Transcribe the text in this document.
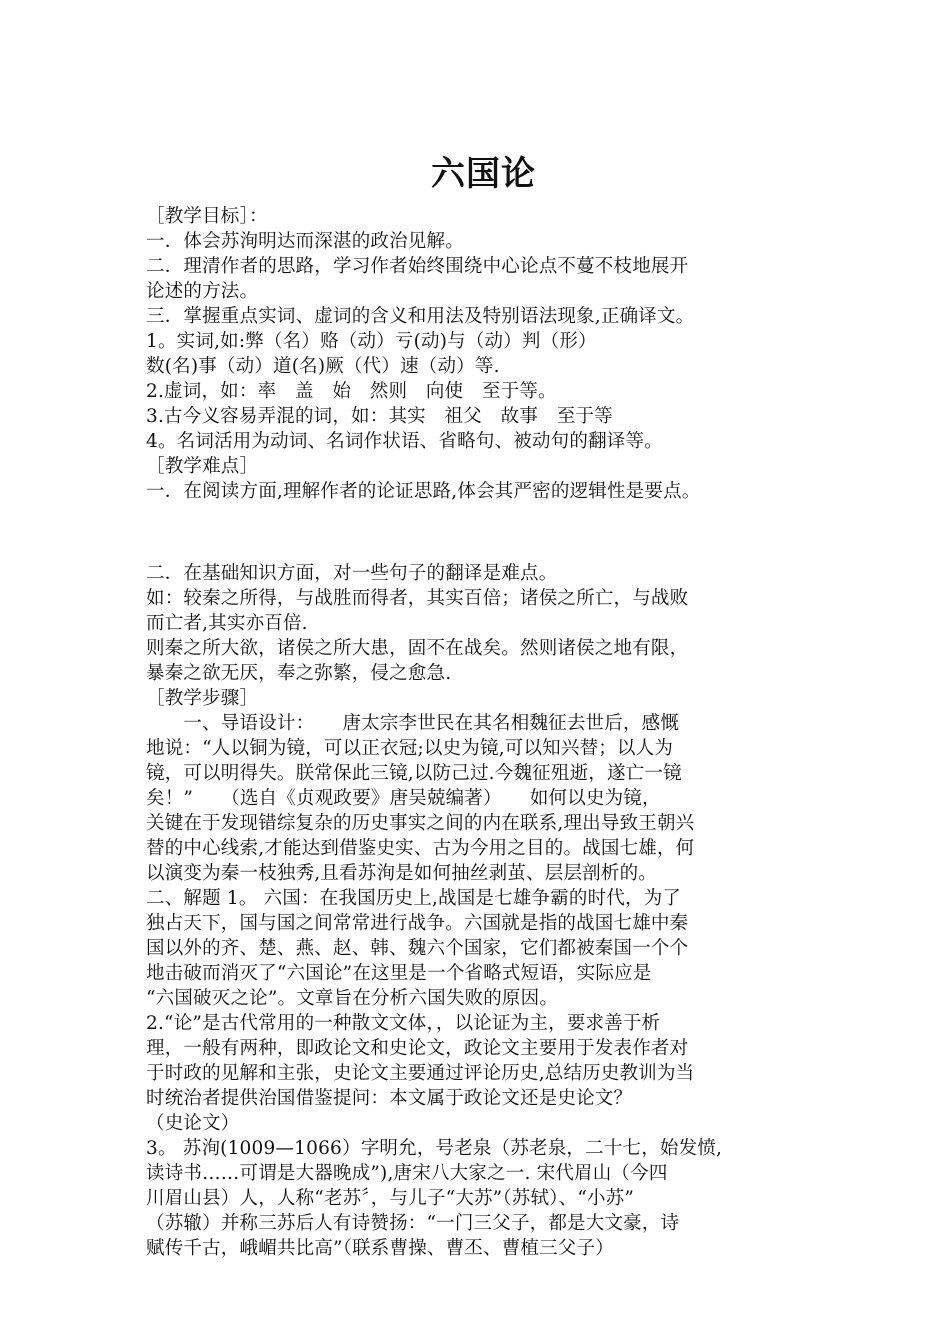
六国论

［教学目标］：

一．体会苏洵明达而深湛的政治见解。

二．理清作者的思路，学习作者始终围绕中心论点不蔓不枝地展开

论述的方法。

三．掌握重点实词、虚词的含义和用法及特别语法现象,正确译文。

1。实词,如:弊（名）赂（动）亏(动)与（动）判（形）

数(名)事（动）道(名)厥（代）速（动）等.

2.虚词，如：率　盖　始　然则　向使　至于等。

3.古今义容易弄混的词，如：其实　祖父　故事　至于等

4。名词活用为动词、名词作状语、省略句、被动句的翻译等。

［教学难点］

一．在阅读方面,理解作者的论证思路,体会其严密的逻辑性是要点。

二．在基础知识方面，对一些句子的翻译是难点。

如：较秦之所得，与战胜而得者，其实百倍；诸侯之所亡，与战败

而亡者,其实亦百倍.

则秦之所大欲，诸侯之所大患，固不在战矣。然则诸侯之地有限，

暴秦之欲无厌，奉之弥繁，侵之愈急.

［教学步骤］

　　一、导语设计：　　唐太宗李世民在其名相魏征去世后，感慨

地说：“人以铜为镜，可以正衣冠;以史为镜,可以知兴替；以人为

镜，可以明得失。朕常保此三镜,以防己过.今魏征殂逝，遂亡一镜

矣！”　　（选自《贞观政要》唐吴兢编著）　　如何以史为镜，

关键在于发现错综复杂的历史事实之间的内在联系,理出导致王朝兴

替的中心线索,才能达到借鉴史实、古为今用之目的。战国七雄，何

以演变为秦一枝独秀,且看苏洵是如何抽丝剥茧、层层剖析的。

二、解题 1。 六国：在我国历史上,战国是七雄争霸的时代，为了

独占天下，国与国之间常常进行战争。六国就是指的战国七雄中秦

国以外的齐、楚、燕、赵、韩、魏六个国家，它们都被秦国一个个

地击破而消灭了“六国论”在这里是一个省略式短语，实际应是

“六国破灭之论”。文章旨在分析六国失败的原因。

2.“论”是古代常用的一种散文文体，，以论证为主，要求善于析

理，一般有两种，即政论文和史论文，政论文主要用于发表作者对

于时政的见解和主张，史论文主要通过评论历史,总结历史教训为当

时统治者提供治国借鉴提问：本文属于政论文还是史论文？

（史论文）

3。 苏洵(1009—1066）字明允，号老泉（苏老泉，二十七，始发愤,

读诗书……可谓是大器晚成”),唐宋八大家之一. 宋代眉山（今四

川眉山县）人，人称“老苏〞，与儿子“大苏”（苏轼）、“小苏”

（苏辙）并称三苏后人有诗赞扬：“一门三父子，都是大文豪，诗

赋传千古，峨嵋共比高”（联系曹操、曹丕、曹植三父子）
